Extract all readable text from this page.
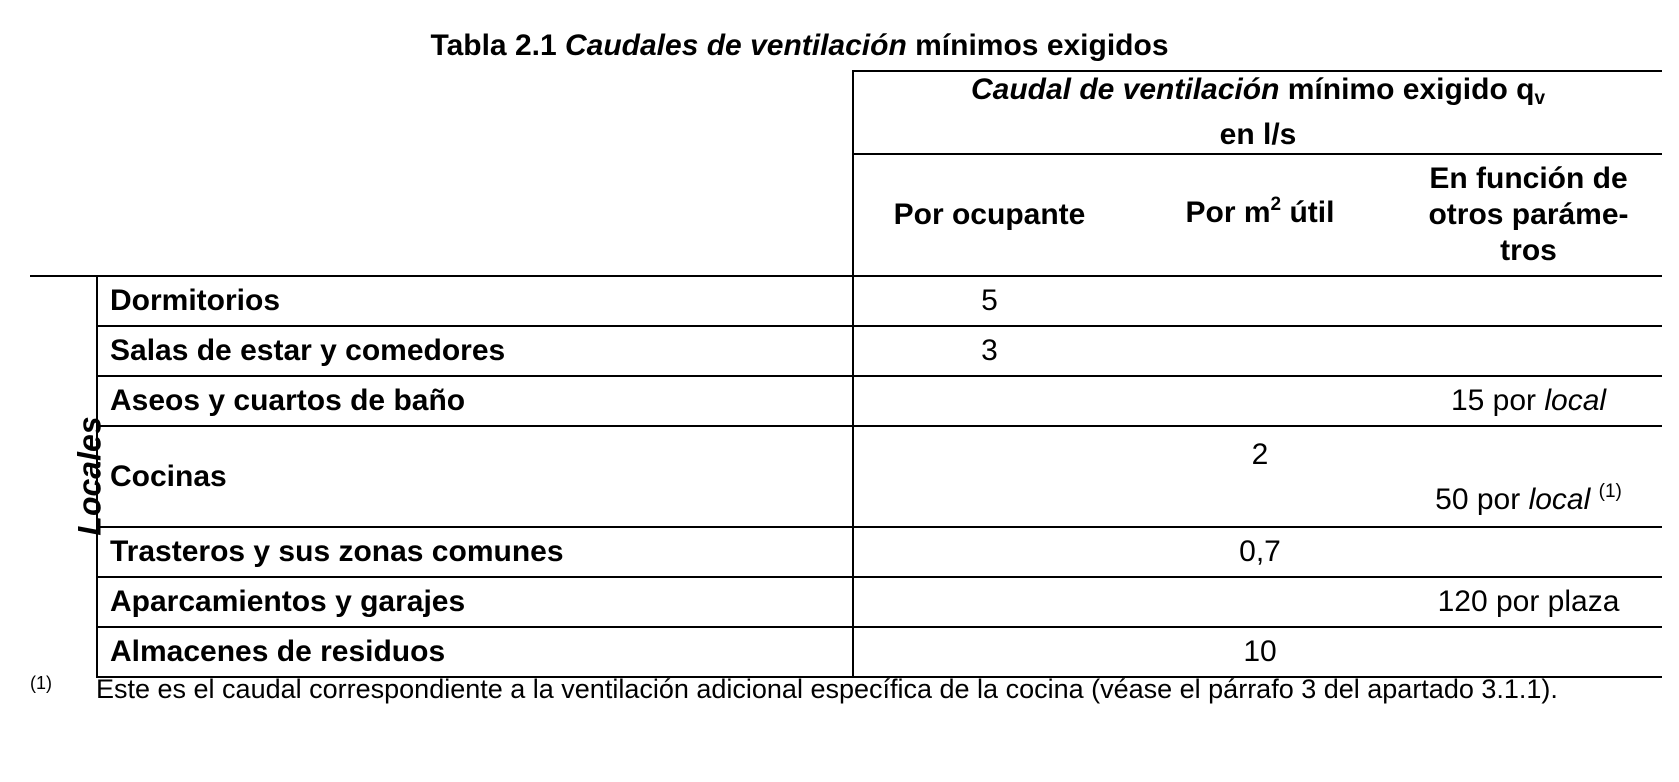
Tabla 2.1 Caudales de ventilación mínimos exigidos
		Caudal de ventilación mínimo exigido $q_v$
en l/s		
		Por ocupante	Por $m^2$ útil	En función de
otros paráme-
tros
Locales	Dormitorios	5		
	Salas de estar y comedores	3		
	Aseos y cuartos de baño			15 por local
	Cocinas		2	50 por local $^{(1)}$

	Trasteros y sus zonas comunes		0,7	
	Aparcamientos y garajes			120 por plaza
	Almacenes de residuos		10	
(1) Este es el caudal correspondiente a la ventilación adicional específica de la cocina (véase el párrafo 3 del apartado 3.1.1).
